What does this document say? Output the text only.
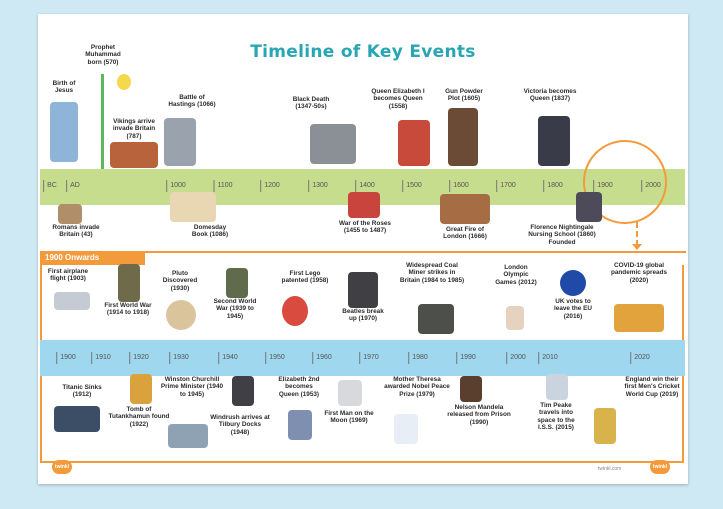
Timeline of Key Events
BC AD	1000	1100	1200	1300	1400	1500	1600	1700	1800	1900	2000
Birth of Jesus
Prophet Muhammad born (570)
Vikings arrive invade Britain (787)
Battle of Hastings (1066)
Black Death (1347-50s)
Queen Elizabeth I becomes Queen (1558)
Gun Powder Plot (1605)
Victoria becomes Queen (1837)
Romans invade Britain (43)
Domesday Book (1086)
War of the Roses (1455 to 1487)	Great Fire of London (1666)
Florence Nightingale Nursing School (1860) Founded
1900 Onwards
1900	1910	1920	1930	1940	1950	1960	1970	1980	1990	2000 2010	2020
First airplane flight (1903)
First World War (1914 to 1918)
Pluto Discovered (1930)
Second World War (1939 to 1945)
First Lego patented (1958)
Beatles break up (1970)
Widespread Coal Miner strikes in Britain (1984 to 1985)
London Olympic Games (2012)
UK votes to leave the EU (2016)
COVID-19 global pandemic spreads (2020)
Titanic Sinks (1912)
Tomb of Tutankhamun found (1922)
Winston Churchill Prime Minister (1940 to 1945)
Windrush arrives at Tilbury Docks (1948)
Elizabeth 2nd becomes Queen (1953)
First Man on the Moon (1969)
Mother Theresa awarded Nobel Peace Prize (1979)
Nelson Mandela released from Prison (1990)
Tim Peake travels into space to the I.S.S. (2015)
England win their first Men's Cricket World Cup (2019)
twinkl	twinkl.com	twinkl
